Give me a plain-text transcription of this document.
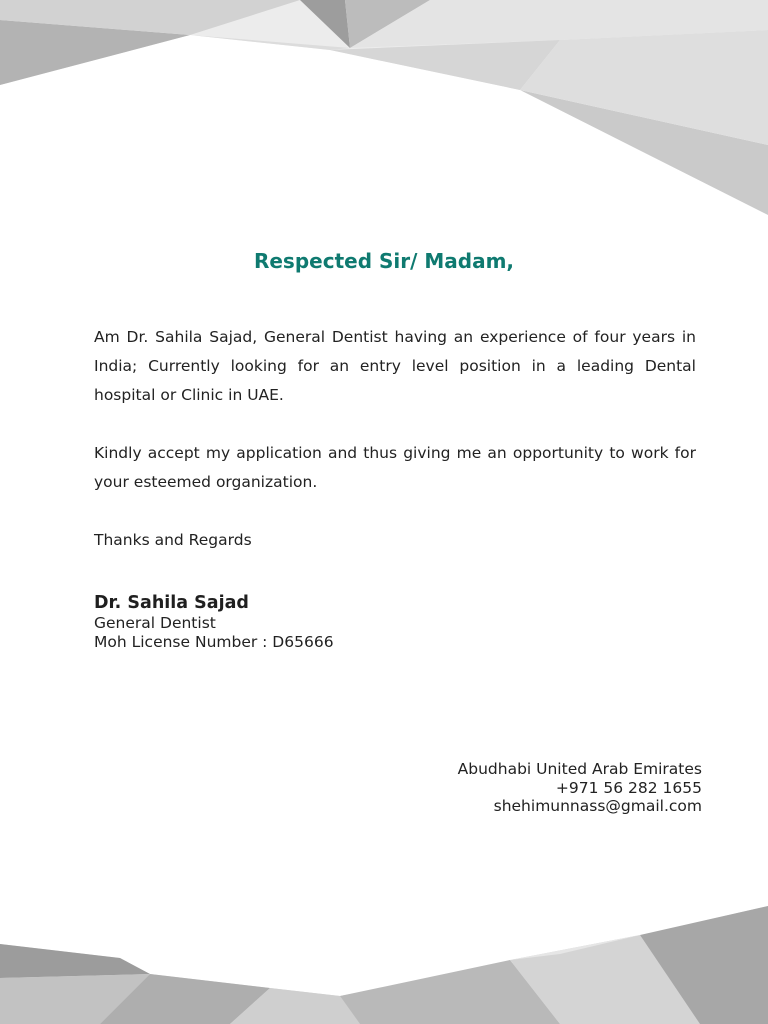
Respected Sir/ Madam,
Am Dr. Sahila Sajad, General Dentist having an experience of four years in India; Currently looking for an entry level position in a leading Dental hospital or Clinic in UAE.
Kindly accept my application and thus giving me an opportunity to work for your esteemed organization.
Thanks and Regards
Dr. Sahila Sajad
General Dentist
Moh License Number : D65666
Abudhabi United Arab Emirates
+971 56 282 1655
shehimunnass@gmail.com
